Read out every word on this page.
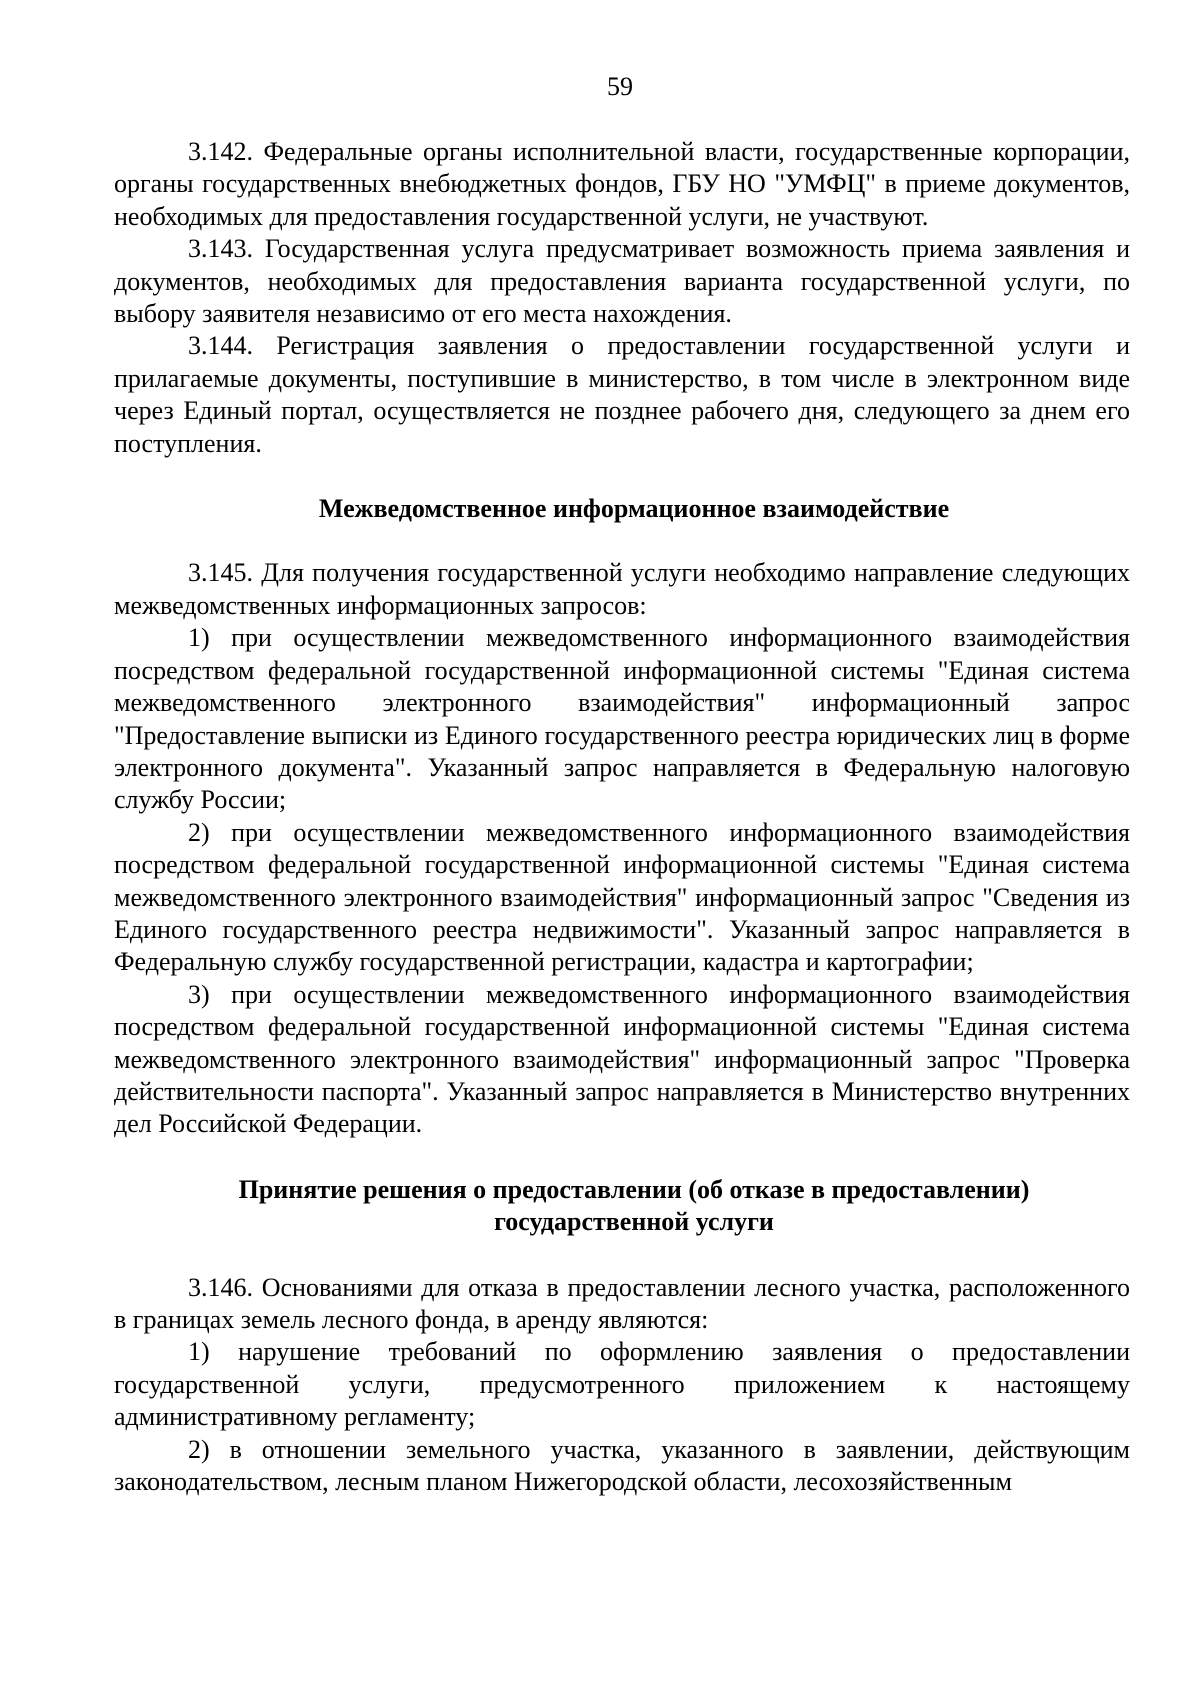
59

3.142. Федеральные органы исполнительной власти, государственные корпорации, органы государственных внебюджетных фондов, ГБУ НО "УМФЦ" в приеме документов, необходимых для предоставления государственной услуги, не участвуют.

3.143. Государственная услуга предусматривает возможность приема заявления и документов, необходимых для предоставления варианта государственной услуги, по выбору заявителя независимо от его места нахождения.

3.144. Регистрация заявления о предоставлении государственной услуги и прилагаемые документы, поступившие в министерство, в том числе в электронном виде через Единый портал, осуществляется не позднее рабочего дня, следующего за днем его поступления.

Межведомственное информационное взаимодействие

3.145. Для получения государственной услуги необходимо направление следующих межведомственных информационных запросов:

1) при осуществлении межведомственного информационного взаимодействия посредством федеральной государственной информационной системы "Единая система межведомственного электронного взаимодействия" информационный запрос "Предоставление выписки из Единого государственного реестра юридических лиц в форме электронного документа". Указанный запрос направляется в Федеральную налоговую службу России;

2) при осуществлении межведомственного информационного взаимодействия посредством федеральной государственной информационной системы "Единая система межведомственного электронного взаимодействия" информационный запрос "Сведения из Единого государственного реестра недвижимости". Указанный запрос направляется в Федеральную службу государственной регистрации, кадастра и картографии;

3) при осуществлении межведомственного информационного взаимодействия посредством федеральной государственной информационной системы "Единая система межведомственного электронного взаимодействия" информационный запрос "Проверка действительности паспорта". Указанный запрос направляется в Министерство внутренних дел Российской Федерации.

Принятие решения о предоставлении (об отказе в предоставлении)
государственной услуги

3.146. Основаниями для отказа в предоставлении лесного участка, расположенного в границах земель лесного фонда, в аренду являются:

1) нарушение требований по оформлению заявления о предоставлении государственной услуги, предусмотренного приложением к настоящему административному регламенту;

2) в отношении земельного участка, указанного в заявлении, действующим законодательством, лесным планом Нижегородской области, лесохозяйственным
